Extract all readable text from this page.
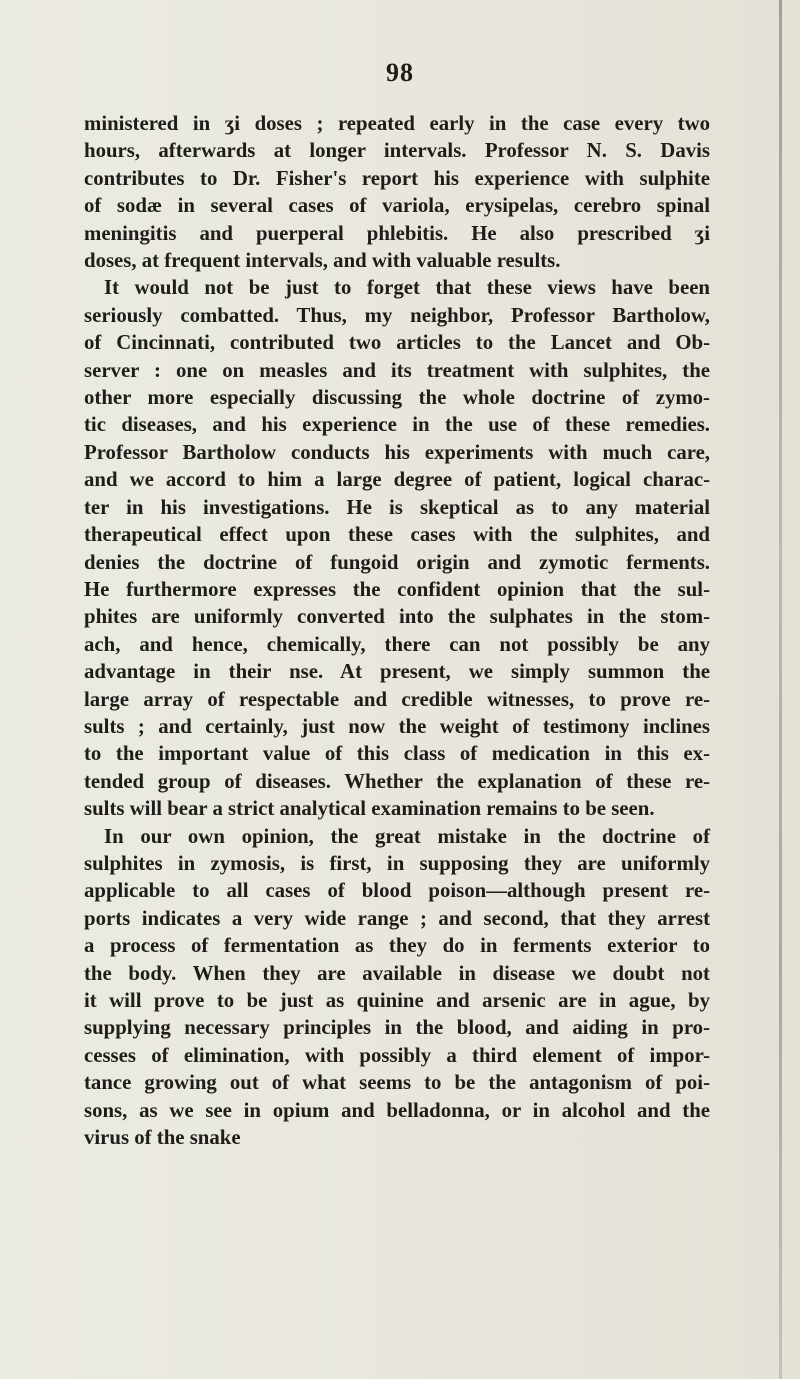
98
ministered in ʒi doses ; repeated early in the case every two
hours, afterwards at longer intervals. Professor N. S. Davis
contributes to Dr. Fisher's report his experience with sulphite
of sodæ in several cases of variola, erysipelas, cerebro spinal
meningitis and puerperal phlebitis. He also prescribed ʒi
doses, at frequent intervals, and with valuable results.
It would not be just to forget that these views have been
seriously combatted. Thus, my neighbor, Professor Bartholow,
of Cincinnati, contributed two articles to the Lancet and Ob-
server : one on measles and its treatment with sulphites, the
other more especially discussing the whole doctrine of zymo-
tic diseases, and his experience in the use of these remedies.
Professor Bartholow conducts his experiments with much care,
and we accord to him a large degree of patient, logical charac-
ter in his investigations. He is skeptical as to any material
therapeutical effect upon these cases with the sulphites, and
denies the doctrine of fungoid origin and zymotic ferments.
He furthermore expresses the confident opinion that the sul-
phites are uniformly converted into the sulphates in the stom-
ach, and hence, chemically, there can not possibly be any
advantage in their nse. At present, we simply summon the
large array of respectable and credible witnesses, to prove re-
sults ; and certainly, just now the weight of testimony inclines
to the important value of this class of medication in this ex-
tended group of diseases. Whether the explanation of these re-
sults will bear a strict analytical examination remains to be seen.
In our own opinion, the great mistake in the doctrine of
sulphites in zymosis, is first, in supposing they are uniformly
applicable to all cases of blood poison—although present re-
ports indicates a very wide range ; and second, that they arrest
a process of fermentation as they do in ferments exterior to
the body. When they are available in disease we doubt not
it will prove to be just as quinine and arsenic are in ague, by
supplying necessary principles in the blood, and aiding in pro-
cesses of elimination, with possibly a third element of impor-
tance growing out of what seems to be the antagonism of poi-
sons, as we see in opium and belladonna, or in alcohol and the
virus of the snake
